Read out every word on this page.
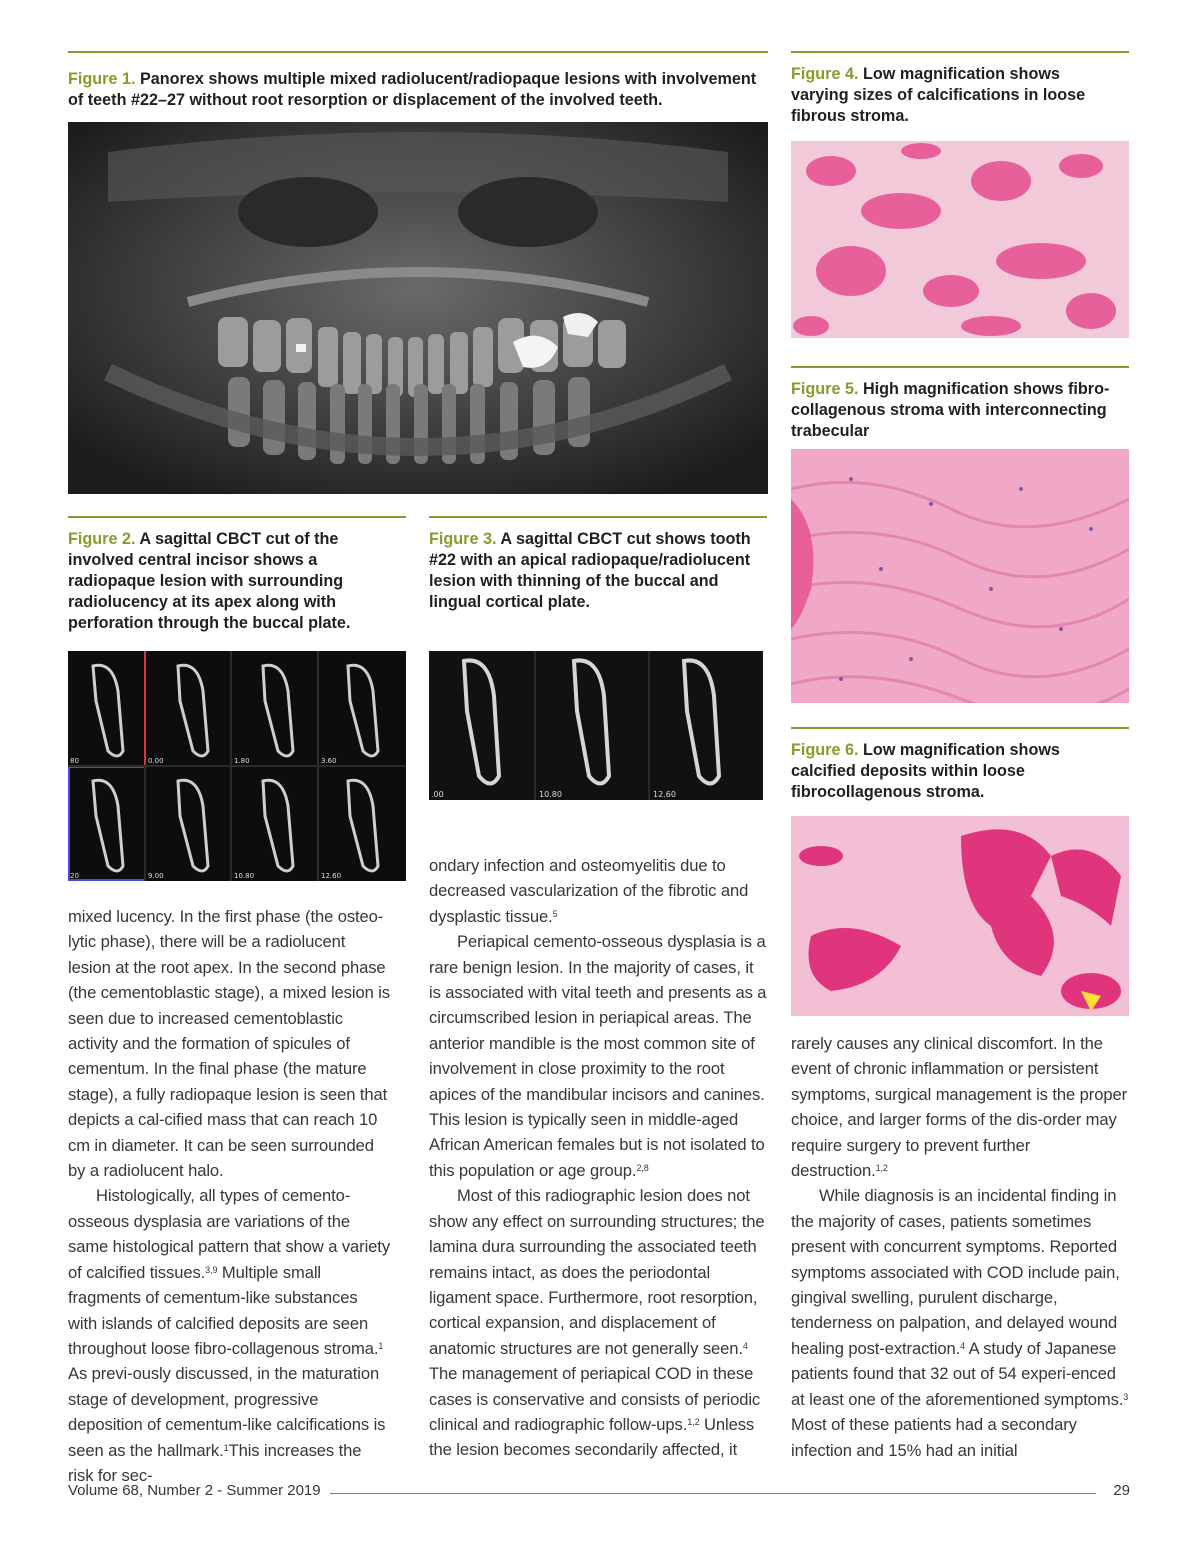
Figure 1. Panorex shows multiple mixed radiolucent/radiopaque lesions with involvement of teeth #22–27 without root resorption or displacement of the involved teeth.

Figure 2. A sagittal CBCT cut of the involved central incisor shows a radiopaque lesion with surrounding radiolucency at its apex along with perforation through the buccal plate.

80	0.00	1.80	3.60
20	9.00	10.80	12.60

Figure 3. A sagittal CBCT cut shows tooth #22 with an apical radiopaque/radiolucent lesion with thinning of the buccal and lingual cortical plate.

.00	10.80	12.60

Figure 4. Low magnification shows varying sizes of calcifications in loose fibrous stroma.

Figure 5. High magnification shows fibro-collagenous stroma with interconnecting trabecular

Figure 6. Low magnification shows calcified deposits within loose fibrocollagenous stroma.

mixed lucency. In the first phase (the osteo-lytic phase), there will be a radiolucent lesion at the root apex. In the second phase (the cementoblastic stage), a mixed lesion is seen due to increased cementoblastic activity and the formation of spicules of cementum. In the final phase (the mature stage), a fully radiopaque lesion is seen that depicts a cal-cified mass that can reach 10 cm in diameter. It can be seen surrounded by a radiolucent halo.

Histologically, all types of cemento-osseous dysplasia are variations of the same histological pattern that show a variety of calcified tissues.$^{3,9}$ Multiple small fragments of cementum-like substances with islands of calcified deposits are seen throughout loose fibro-collagenous stroma.$^1$ As previ-ously discussed, in the maturation stage of development, progressive deposition of cementum-like calcifications is seen as the hallmark.$^1$This increases the risk for sec-

ondary infection and osteomyelitis due to decreased vascularization of the fibrotic and dysplastic tissue.$^5$

Periapical cemento-osseous dysplasia is a rare benign lesion. In the majority of cases, it is associated with vital teeth and presents as a circumscribed lesion in periapical areas. The anterior mandible is the most common site of involvement in close proximity to the root apices of the mandibular incisors and canines. This lesion is typically seen in middle-aged African American females but is not isolated to this population or age group.$^{2,8}$

Most of this radiographic lesion does not show any effect on surrounding structures; the lamina dura surrounding the associated teeth remains intact, as does the periodontal ligament space. Furthermore, root resorption, cortical expansion, and displacement of anatomic structures are not generally seen.$^4$ The management of periapical COD in these cases is conservative and consists of periodic clinical and radiographic follow-ups.$^{1,2}$ Unless the lesion becomes secondarily affected, it

rarely causes any clinical discomfort. In the event of chronic inflammation or persistent symptoms, surgical management is the proper choice, and larger forms of the dis-order may require surgery to prevent further destruction.$^{1,2}$

While diagnosis is an incidental finding in the majority of cases, patients sometimes present with concurrent symptoms. Reported symptoms associated with COD include pain, gingival swelling, purulent discharge, tenderness on palpation, and delayed wound healing post-extraction.$^4$ A study of Japanese patients found that 32 out of 54 experi-enced at least one of the aforementioned symptoms.$^3$ Most of these patients had a secondary infection and 15% had an initial

Volume 68, Number 2 - Summer 2019	29
